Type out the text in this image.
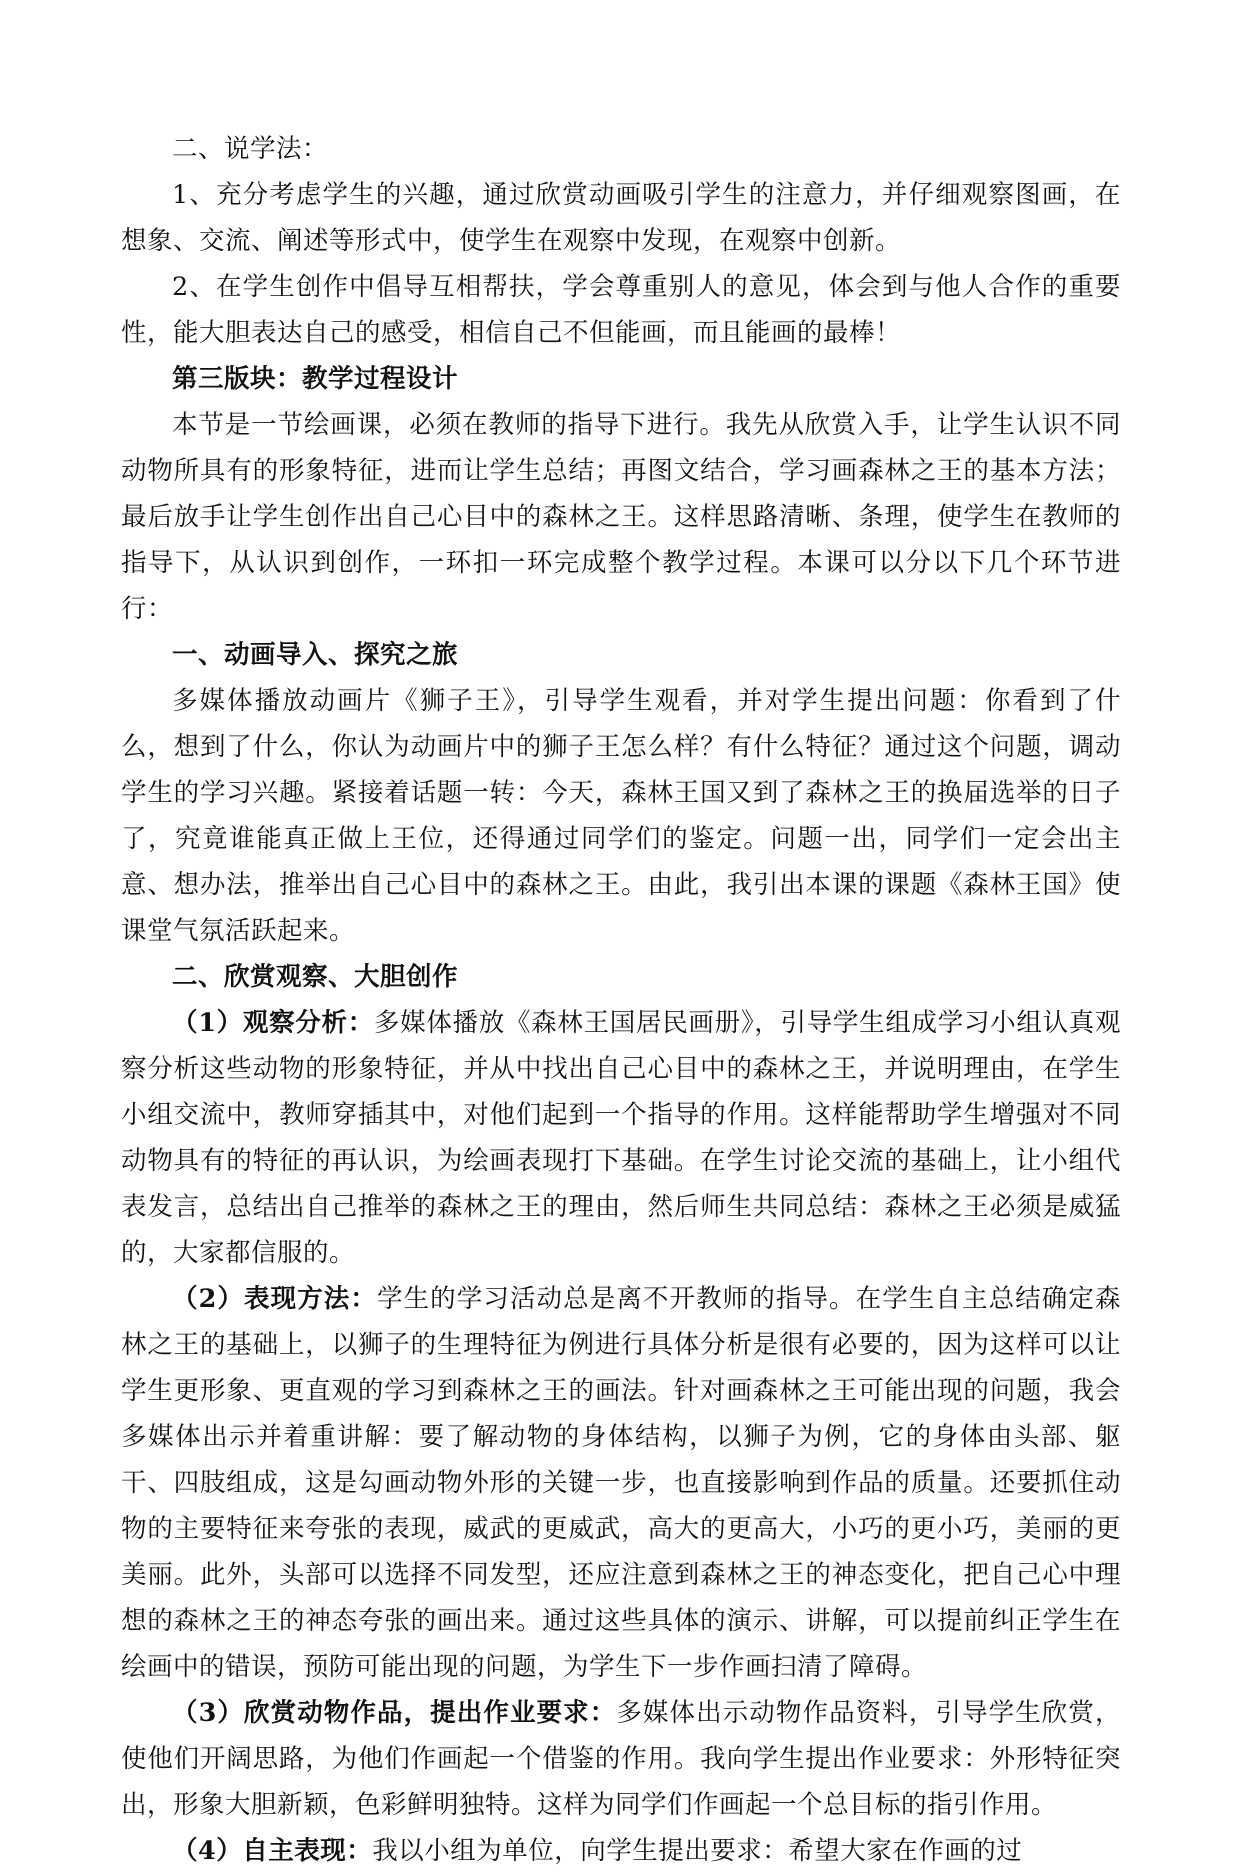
二、说学法：

1、充分考虑学生的兴趣，通过欣赏动画吸引学生的注意力，并仔细观察图画，在想象、交流、阐述等形式中，使学生在观察中发现，在观察中创新。

2、在学生创作中倡导互相帮扶，学会尊重别人的意见，体会到与他人合作的重要性，能大胆表达自己的感受，相信自己不但能画，而且能画的最棒！

第三版块：教学过程设计

本节是一节绘画课，必须在教师的指导下进行。我先从欣赏入手，让学生认识不同动物所具有的形象特征，进而让学生总结；再图文结合，学习画森林之王的基本方法；最后放手让学生创作出自己心目中的森林之王。这样思路清晰、条理，使学生在教师的指导下，从认识到创作，一环扣一环完成整个教学过程。本课可以分以下几个环节进行：

一、动画导入、探究之旅

多媒体播放动画片《狮子王》，引导学生观看，并对学生提出问题：你看到了什么，想到了什么，你认为动画片中的狮子王怎么样？有什么特征？通过这个问题，调动学生的学习兴趣。紧接着话题一转：今天，森林王国又到了森林之王的换届选举的日子了，究竟谁能真正做上王位，还得通过同学们的鉴定。问题一出，同学们一定会出主意、想办法，推举出自己心目中的森林之王。由此，我引出本课的课题《森林王国》使课堂气氛活跃起来。

二、欣赏观察、大胆创作

（1）观察分析：多媒体播放《森林王国居民画册》，引导学生组成学习小组认真观察分析这些动物的形象特征，并从中找出自己心目中的森林之王，并说明理由，在学生小组交流中，教师穿插其中，对他们起到一个指导的作用。这样能帮助学生增强对不同动物具有的特征的再认识，为绘画表现打下基础。在学生讨论交流的基础上，让小组代表发言，总结出自己推举的森林之王的理由，然后师生共同总结：森林之王必须是威猛的，大家都信服的。

（2）表现方法：学生的学习活动总是离不开教师的指导。在学生自主总结确定森林之王的基础上，以狮子的生理特征为例进行具体分析是很有必要的，因为这样可以让学生更形象、更直观的学习到森林之王的画法。针对画森林之王可能出现的问题，我会多媒体出示并着重讲解：要了解动物的身体结构，以狮子为例，它的身体由头部、躯干、四肢组成，这是勾画动物外形的关键一步，也直接影响到作品的质量。还要抓住动物的主要特征来夸张的表现，威武的更威武，高大的更高大，小巧的更小巧，美丽的更美丽。此外，头部可以选择不同发型，还应注意到森林之王的神态变化，把自己心中理想的森林之王的神态夸张的画出来。通过这些具体的演示、讲解，可以提前纠正学生在绘画中的错误，预防可能出现的问题，为学生下一步作画扫清了障碍。

（3）欣赏动物作品，提出作业要求：多媒体出示动物作品资料，引导学生欣赏，使他们开阔思路，为他们作画起一个借鉴的作用。我向学生提出作业要求：外形特征突出，形象大胆新颖，色彩鲜明独特。这样为同学们作画起一个总目标的指引作用。

（4）自主表现：我以小组为单位，向学生提出要求：希望大家在作画的过
